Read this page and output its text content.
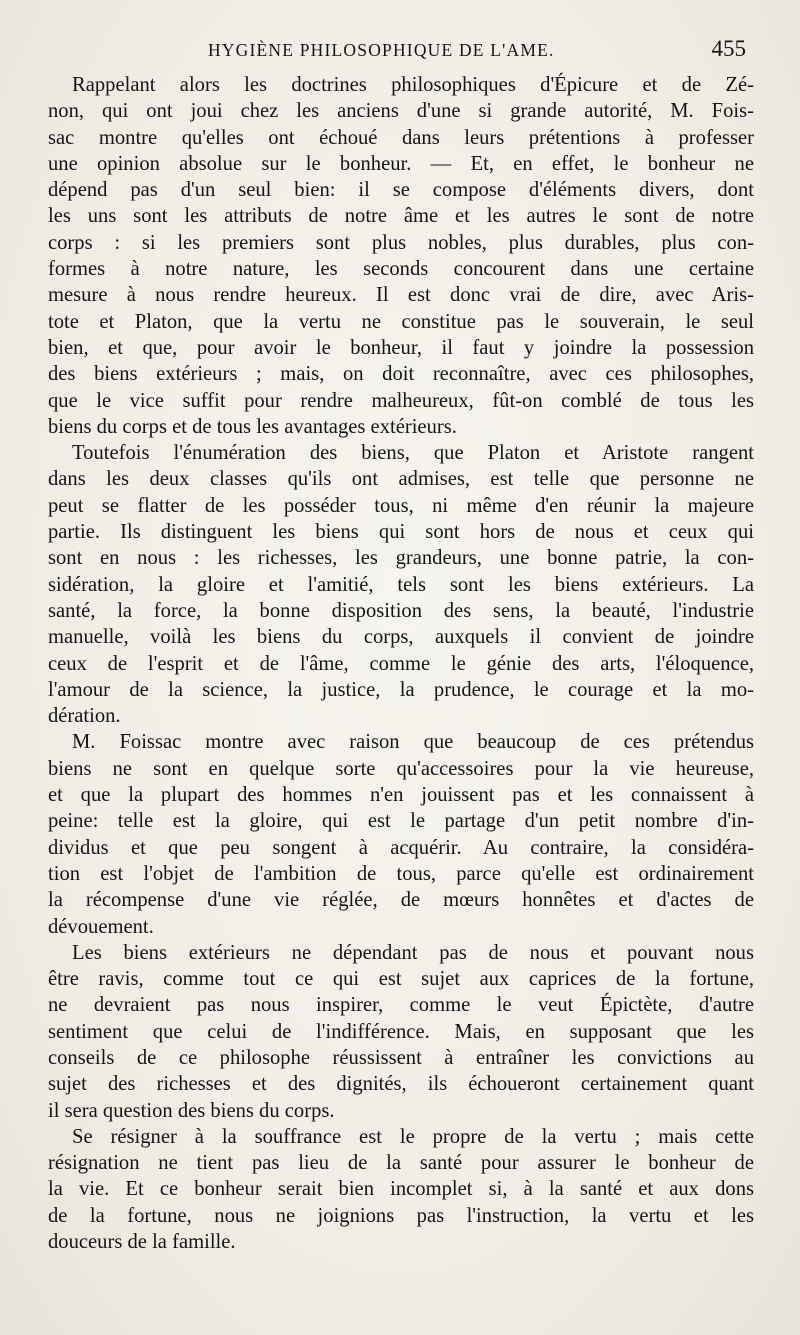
HYGIÈNE PHILOSOPHIQUE DE L'AME.	455
Rappelant alors les doctrines philosophiques d'Épicure et de Zé-
non, qui ont joui chez les anciens d'une si grande autorité, M. Fois-
sac montre qu'elles ont échoué dans leurs prétentions à professer
une opinion absolue sur le bonheur. — Et, en effet, le bonheur ne
dépend pas d'un seul bien: il se compose d'éléments divers, dont
les uns sont les attributs de notre âme et les autres le sont de notre
corps : si les premiers sont plus nobles, plus durables, plus con-
formes à notre nature, les seconds concourent dans une certaine
mesure à nous rendre heureux. Il est donc vrai de dire, avec Aris-
tote et Platon, que la vertu ne constitue pas le souverain, le seul
bien, et que, pour avoir le bonheur, il faut y joindre la possession
des biens extérieurs ; mais, on doit reconnaître, avec ces philosophes,
que le vice suffit pour rendre malheureux, fût-on comblé de tous les
biens du corps et de tous les avantages extérieurs.
Toutefois l'énumération des biens, que Platon et Aristote rangent
dans les deux classes qu'ils ont admises, est telle que personne ne
peut se flatter de les posséder tous, ni même d'en réunir la majeure
partie. Ils distinguent les biens qui sont hors de nous et ceux qui
sont en nous : les richesses, les grandeurs, une bonne patrie, la con-
sidération, la gloire et l'amitié, tels sont les biens extérieurs. La
santé, la force, la bonne disposition des sens, la beauté, l'industrie
manuelle, voilà les biens du corps, auxquels il convient de joindre
ceux de l'esprit et de l'âme, comme le génie des arts, l'éloquence,
l'amour de la science, la justice, la prudence, le courage et la mo-
dération.
M. Foissac montre avec raison que beaucoup de ces prétendus
biens ne sont en quelque sorte qu'accessoires pour la vie heureuse,
et que la plupart des hommes n'en jouissent pas et les connaissent à
peine: telle est la gloire, qui est le partage d'un petit nombre d'in-
dividus et que peu songent à acquérir. Au contraire, la considéra-
tion est l'objet de l'ambition de tous, parce qu'elle est ordinairement
la récompense d'une vie réglée, de mœurs honnêtes et d'actes de
dévouement.
Les biens extérieurs ne dépendant pas de nous et pouvant nous
être ravis, comme tout ce qui est sujet aux caprices de la fortune,
ne devraient pas nous inspirer, comme le veut Épictète, d'autre
sentiment que celui de l'indifférence. Mais, en supposant que les
conseils de ce philosophe réussissent à entraîner les convictions au
sujet des richesses et des dignités, ils échoueront certainement quant
il sera question des biens du corps.
Se résigner à la souffrance est le propre de la vertu ; mais cette
résignation ne tient pas lieu de la santé pour assurer le bonheur de
la vie. Et ce bonheur serait bien incomplet si, à la santé et aux dons
de la fortune, nous ne joignions pas l'instruction, la vertu et les
douceurs de la famille.
